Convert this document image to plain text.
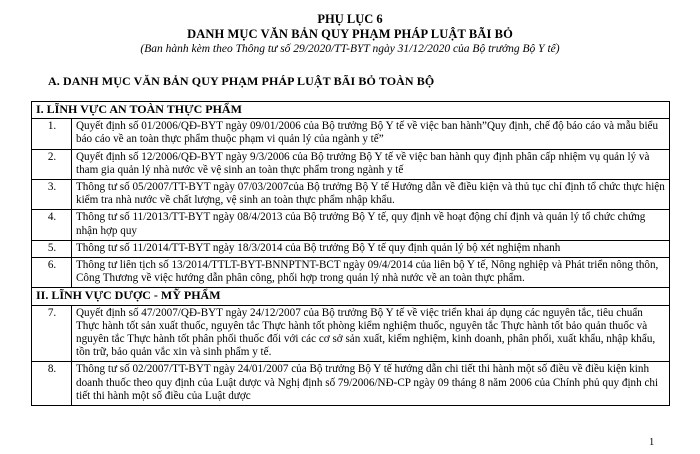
PHỤ LỤC 6
DANH MỤC VĂN BẢN QUY PHẠM PHÁP LUẬT BÃI BỎ
(Ban hành kèm theo Thông tư số 29/2020/TT-BYT ngày 31/12/2020 của Bộ trưởng Bộ Y tế)
A. DANH MỤC VĂN BẢN QUY PHẠM PHÁP LUẬT BÃI BỎ TOÀN BỘ
I. LĨNH VỰC AN TOÀN THỰC PHẨM	
1.	Quyết định số 01/2006/QĐ-BYT ngày 09/01/2006 của Bộ trưởng Bộ Y tế về việc ban hành”Quy định, chế độ báo cáo và mẫu biểu báo cáo về an toàn thực phẩm thuộc phạm vi quản lý của ngành y tế”
2.	Quyết định số 12/2006/QĐ-BYT ngày 9/3/2006 của Bộ trưởng Bộ Y tế về việc ban hành quy định phân cấp nhiệm vụ quản lý và tham gia quản lý nhà nước về vệ sinh an toàn thực phẩm trong ngành y tế
3.	Thông tư số 05/2007/TT-BYT ngày 07/03/2007của Bộ trưởng Bộ Y tế Hướng dẫn về điều kiện và thủ tục chỉ định tổ chức thực hiện kiểm tra nhà nước về chất lượng, vệ sinh an toàn thực phẩm nhập khẩu.
4.	Thông tư số 11/2013/TT-BYT ngày 08/4/2013 của Bộ trưởng Bộ Y tế, quy định về hoạt động chỉ định và quản lý tổ chức chứng nhận hợp quy
5.	Thông tư số 11/2014/TT-BYT ngày 18/3/2014 của Bộ trưởng Bộ Y tế quy định quản lý bộ xét nghiệm nhanh
6.	Thông tư liên tịch số 13/2014/TTLT-BYT-BNNPTNT-BCT ngày 09/4/2014 của liên bộ Y tế, Nông nghiệp và Phát triển nông thôn, Công Thương về việc hướng dẫn phân công, phối hợp trong quản lý nhà nước về an toàn thực phẩm.
II. LĨNH VỰC DƯỢC - MỸ PHẨM	
7.	Quyết định số 47/2007/QĐ-BYT ngày 24/12/2007 của Bộ trưởng Bộ Y tế về việc triển khai áp dụng các nguyên tắc, tiêu chuẩn Thực hành tốt sản xuất thuốc, nguyên tắc Thực hành tốt phòng kiểm nghiệm thuốc, nguyên tắc Thực hành tốt bảo quản thuốc và nguyên tắc Thực hành tốt phân phối thuốc đối với các cơ sở sản xuất, kiểm nghiệm, kinh doanh, phân phối, xuất khẩu, nhập khẩu, tồn trữ, bảo quản vắc xin và sinh phẩm y tế.
8.	Thông tư số 02/2007/TT-BYT ngày 24/01/2007 của Bộ trưởng Bộ Y tế hướng dẫn chi tiết thi hành một số điều về điều kiện kinh doanh thuốc theo quy định của Luật dược và Nghị định số 79/2006/NĐ-CP ngày 09 tháng 8 năm 2006 của Chính phủ quy định chi tiết thi hành một số điều của Luật dược
1
